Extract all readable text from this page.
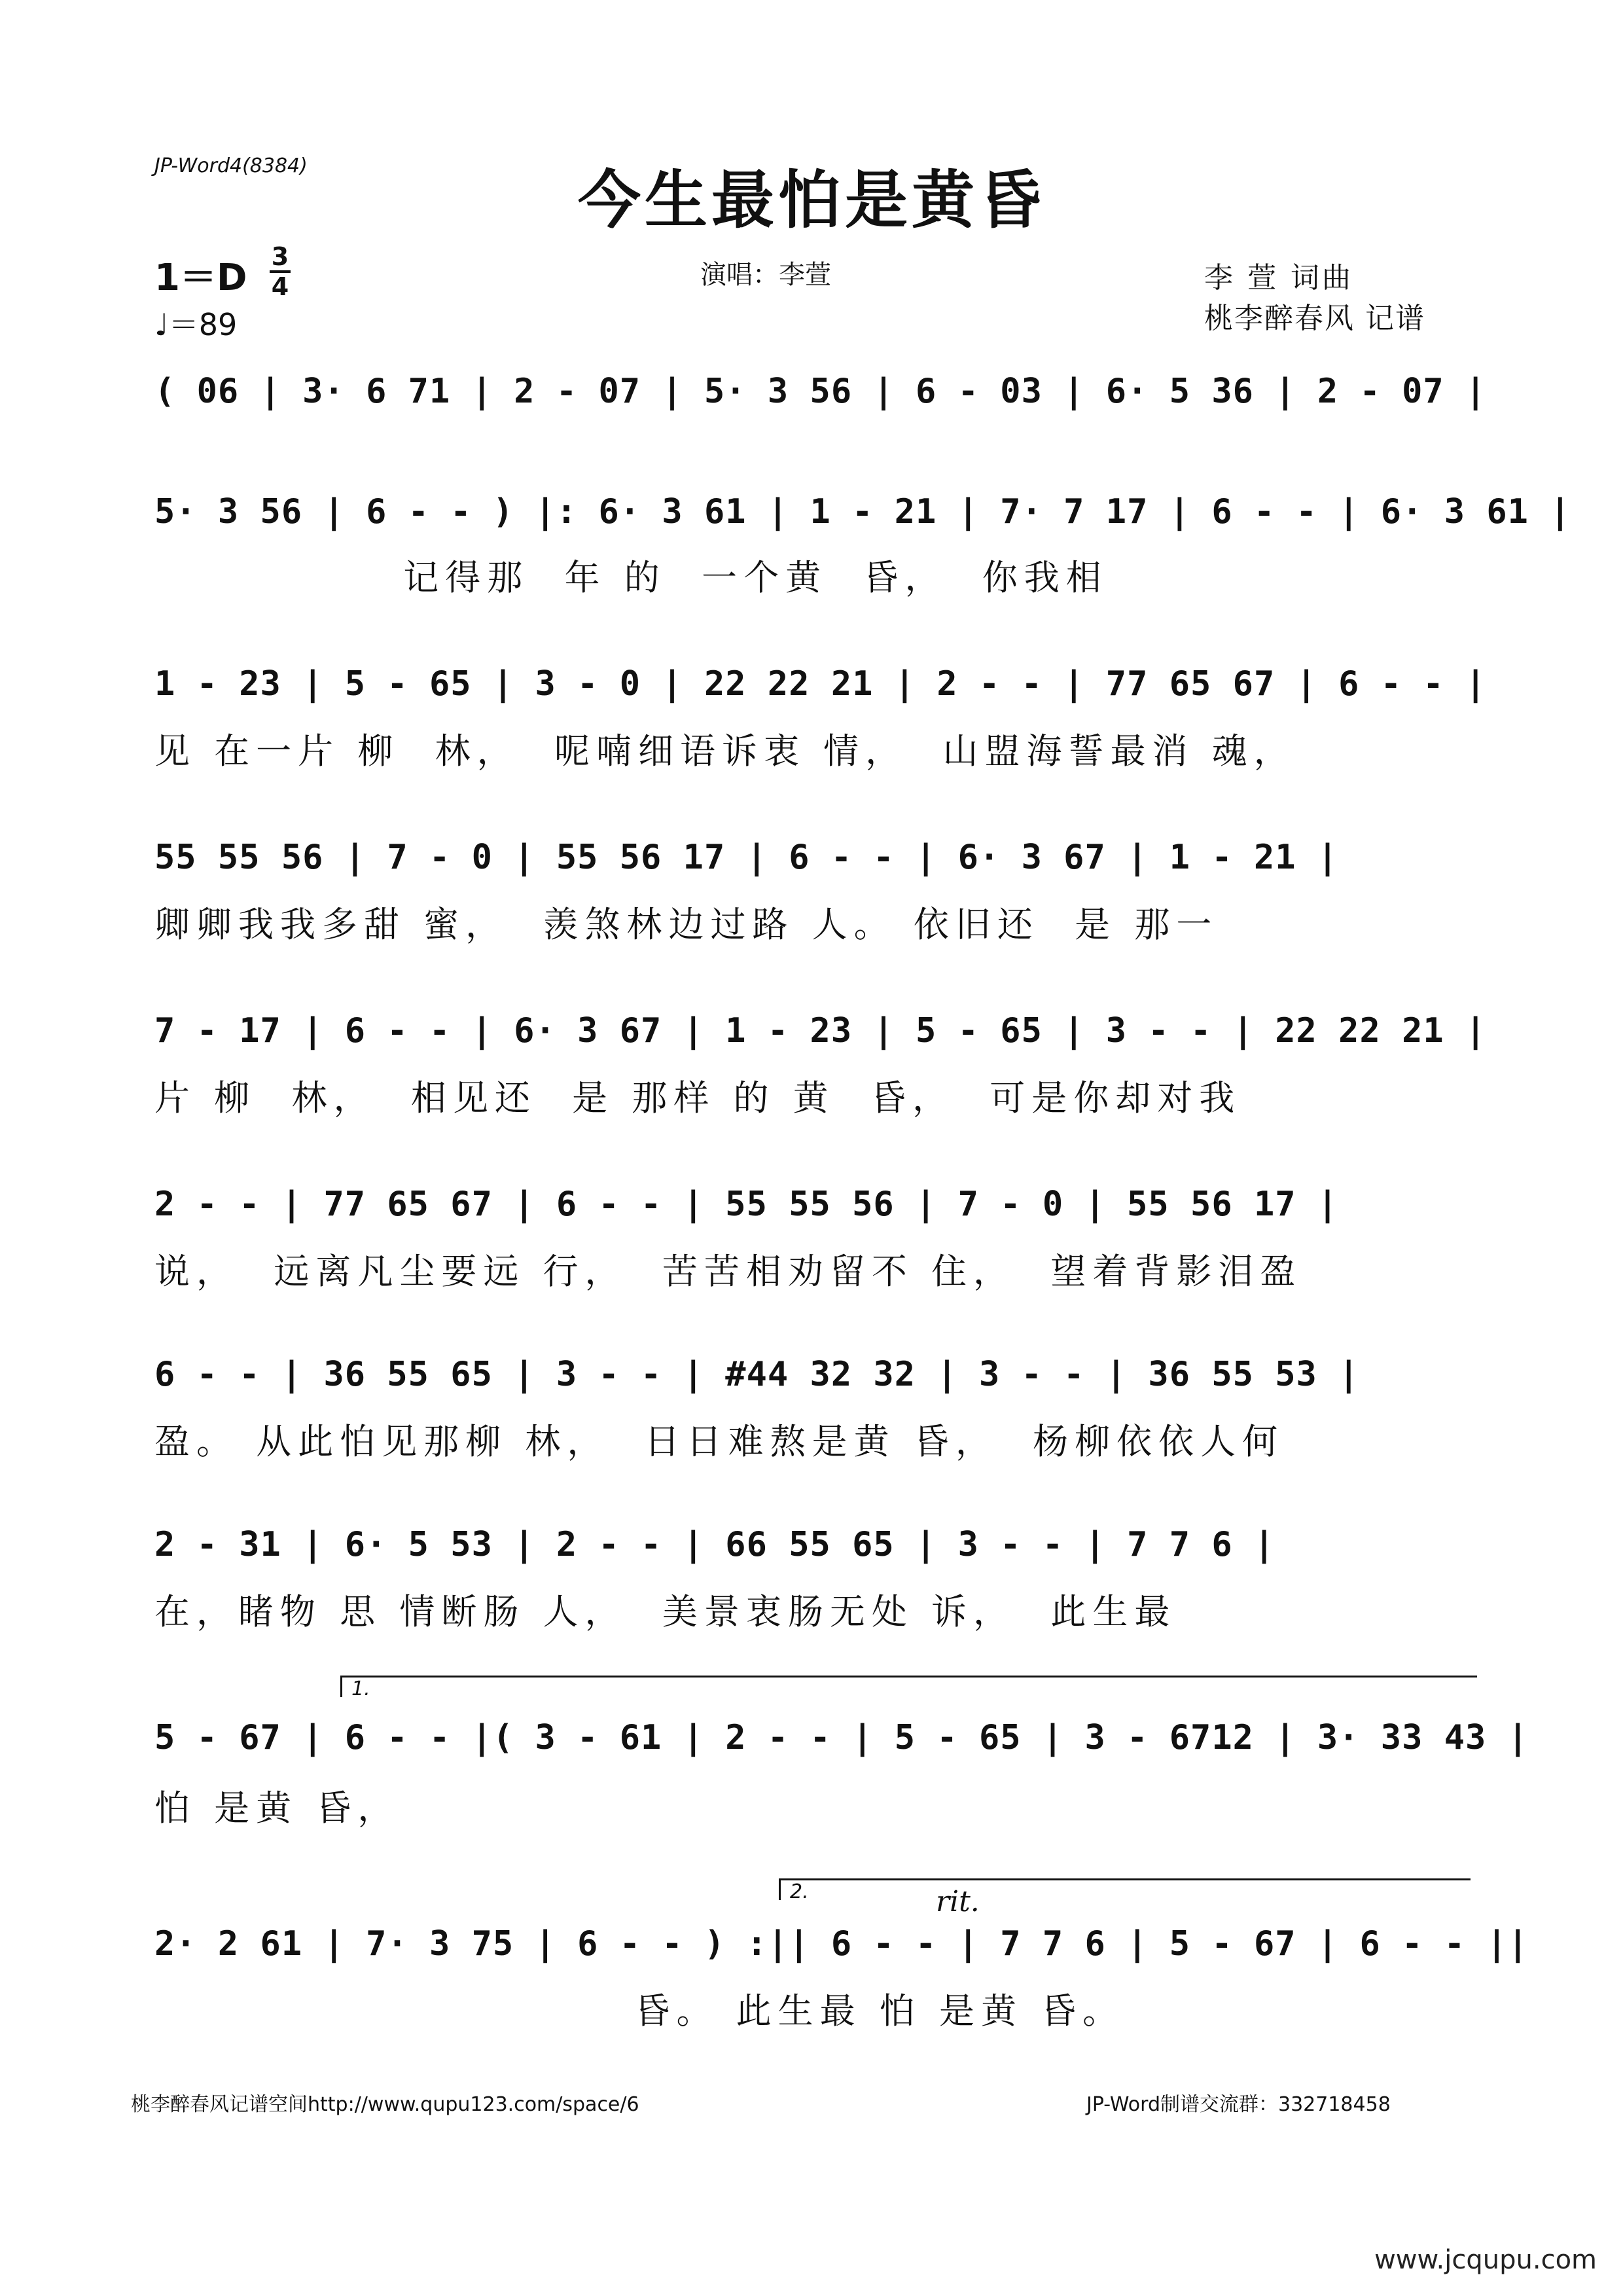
JP-Word4(8384)	今生最怕是黄昏
1＝D 3
4
♩＝89
演唱：李萱	李 萱 词曲
桃李醉春风 记谱
( 06 | 3· 6 71 | 2 - 07 | 5· 3 56 | 6 - 03 | 6· 5 36 | 2 - 07 |
5· 3 56 | 6 - - ) |: 6· 3 61 | 1 - 21 | 7· 7 17 | 6 - - | 6· 3 61 |
记得那  年 的  一个黄  昏，  你我相
1 - 23 | 5 - 65 | 3 - 0 | 22 22 21 | 2 - - | 77 65 67 | 6 - - |
见 在一片 柳  林，  呢喃细语诉衷 情，  山盟海誓最消 魂，
55 55 56 | 7 - 0 | 55 56 17 | 6 - - | 6· 3 67 | 1 - 21 |
卿卿我我多甜 蜜，  羡煞林边过路 人。 依旧还  是 那一
7 - 17 | 6 - - | 6· 3 67 | 1 - 23 | 5 - 65 | 3 - - | 22 22 21 |
片 柳  林，  相见还  是 那样 的 黄  昏，  可是你却对我
2 - - | 77 65 67 | 6 - - | 55 55 56 | 7 - 0 | 55 56 17 |
说，  远离凡尘要远 行，  苦苦相劝留不 住，  望着背影泪盈
6 - - | 36 55 65 | 3 - - | #44 32 32 | 3 - - | 36 55 53 |
盈。 从此怕见那柳 林，  日日难熬是黄 昏，  杨柳依依人何
2 - 31 | 6· 5 53 | 2 - - | 66 55 65 | 3 - - | 7 7 6 |
在，睹物 思 情断肠 人，  美景衷肠无处 诉，  此生最
1.
5 - 67 | 6 - - |( 3 - 61 | 2 - - | 5 - 65 | 3 - 6712 | 3· 33 43 |
怕 是黄 昏，
2.	rit.
2· 2 61 | 7· 3 75 | 6 - - ) :|| 6 - - | 7 7 6 | 5 - 67 | 6 - - ||
昏。 此生最 怕 是黄 昏。
桃李醉春风记谱空间http://www.qupu123.com/space/6	JP-Word制谱交流群：332718458
www.jcqupu.com
